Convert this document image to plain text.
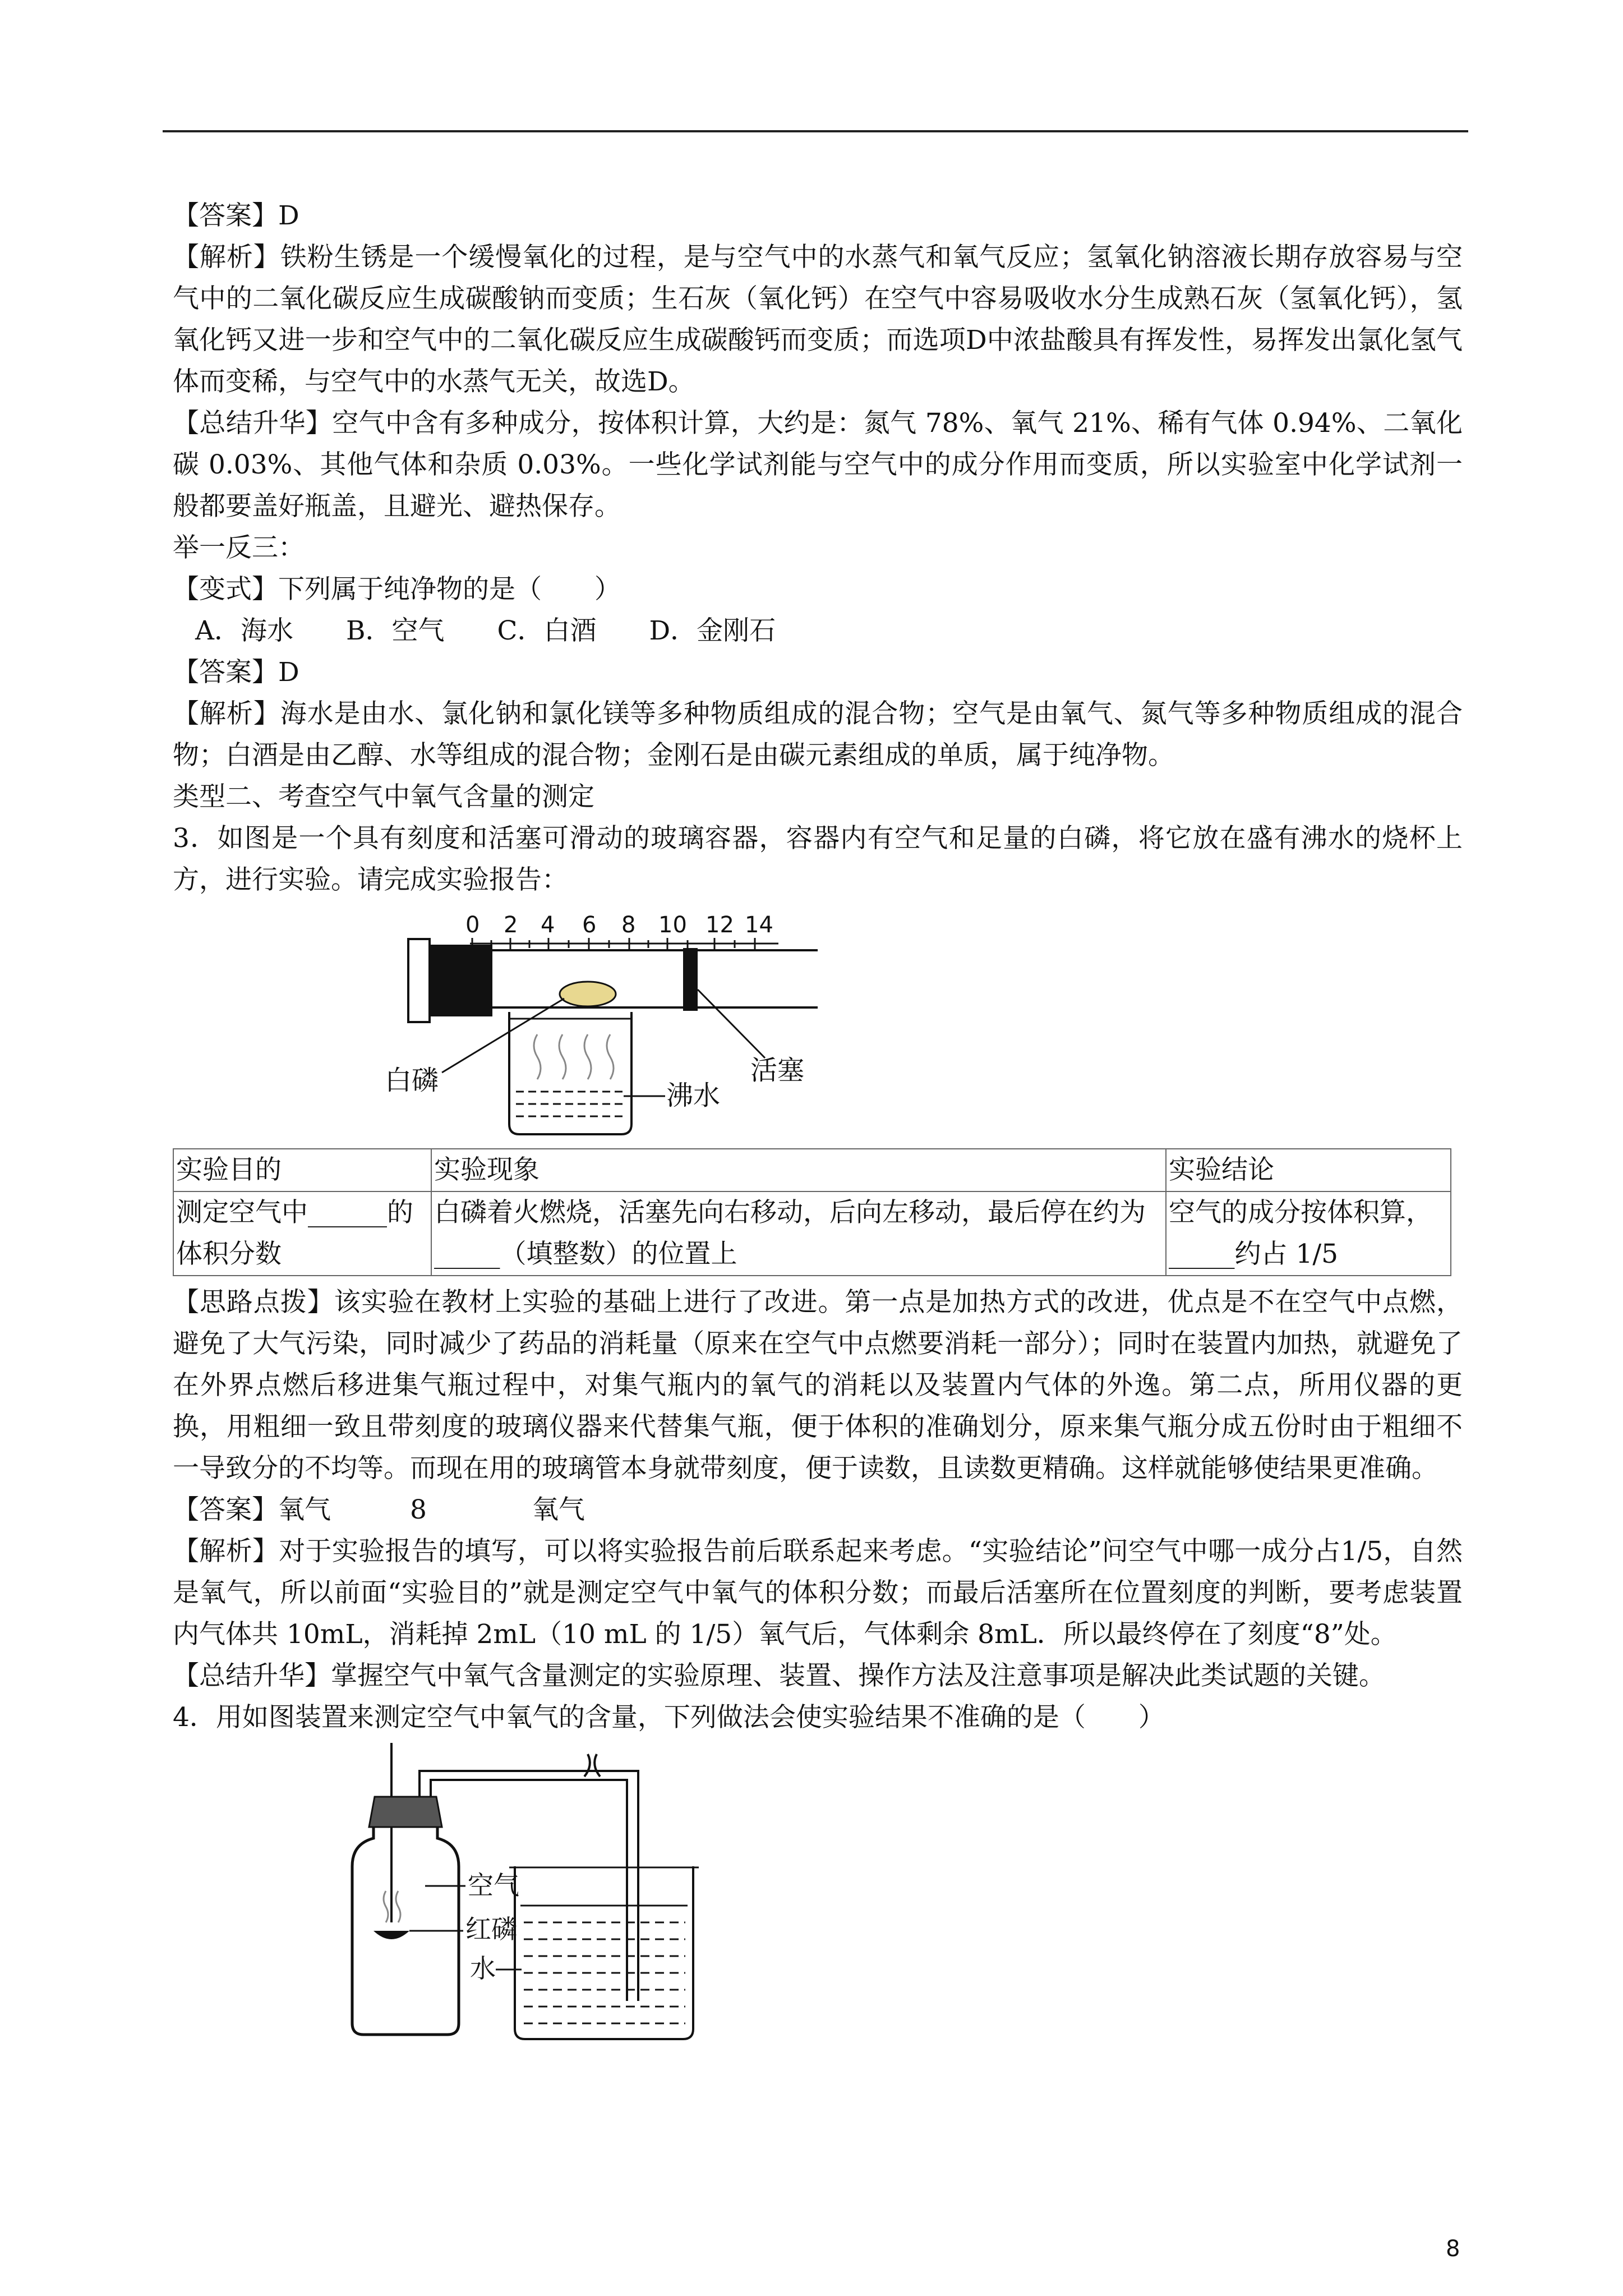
【答案】D
【解析】铁粉生锈是一个缓慢氧化的过程，是与空气中的水蒸气和氧气反应；氢氧化钠溶液长期存放容易与空气中的二氧化碳反应生成碳酸钠而变质；生石灰（氧化钙）在空气中容易吸收水分生成熟石灰（氢氧化钙），氢氧化钙又进一步和空气中的二氧化碳反应生成碳酸钙而变质；而选项D中浓盐酸具有挥发性，易挥发出氯化氢气体而变稀，与空气中的水蒸气无关，故选D。
【总结升华】空气中含有多种成分，按体积计算，大约是：氮气 78%、氧气 21%、稀有气体 0.94%、二氧化碳 0.03%、其他气体和杂质 0.03%。一些化学试剂能与空气中的成分作用而变质，所以实验室中化学试剂一般都要盖好瓶盖，且避光、避热保存。
举一反三：
【变式】下列属于纯净物的是（　　）
A．海水　　B．空气　　C．白酒　　D．金刚石
【答案】D
【解析】海水是由水、氯化钠和氯化镁等多种物质组成的混合物；空气是由氧气、氮气等多种物质组成的混合物；白酒是由乙醇、水等组成的混合物；金刚石是由碳元素组成的单质，属于纯净物。
类型二、考查空气中氧气含量的测定
3．如图是一个具有刻度和活塞可滑动的玻璃容器，容器内有空气和足量的白磷，将它放在盛有沸水的烧杯上方，进行实验。请完成实验报告：
0 2 4 6 8 10 12 14
白磷	沸水
活塞
实验目的	实验现象	实验结论
测定空气中______的体积分数	白磷着火燃烧，活塞先向右移动，后向左移动，最后停在约为 _____（填整数）的位置上	空气的成分按体积算，_____约占 1/5
【思路点拨】该实验在教材上实验的基础上进行了改进。第一点是加热方式的改进，优点是不在空气中点燃，避免了大气污染，同时减少了药品的消耗量（原来在空气中点燃要消耗一部分）；同时在装置内加热，就避免了在外界点燃后移进集气瓶过程中，对集气瓶内的氧气的消耗以及装置内气体的外逸。第二点，所用仪器的更换，用粗细一致且带刻度的玻璃仪器来代替集气瓶，便于体积的准确划分，原来集气瓶分成五份时由于粗细不一导致分的不均等。而现在用的玻璃管本身就带刻度，便于读数，且读数更精确。这样就能够使结果更准确。
【答案】氧气　　　8　　　　氧气
【解析】对于实验报告的填写，可以将实验报告前后联系起来考虑。“实验结论”问空气中哪一成分占1/5，自然是氧气，所以前面“实验目的”就是测定空气中氧气的体积分数；而最后活塞所在位置刻度的判断，要考虑装置内气体共 10mL，消耗掉 2mL（10 mL 的 1/5）氧气后，气体剩余 8mL．所以最终停在了刻度“8”处。
【总结升华】掌握空气中氧气含量测定的实验原理、装置、操作方法及注意事项是解决此类试题的关键。
4．用如图装置来测定空气中氧气的含量，下列做法会使实验结果不准确的是（　　）
空气
红磷
水
8
